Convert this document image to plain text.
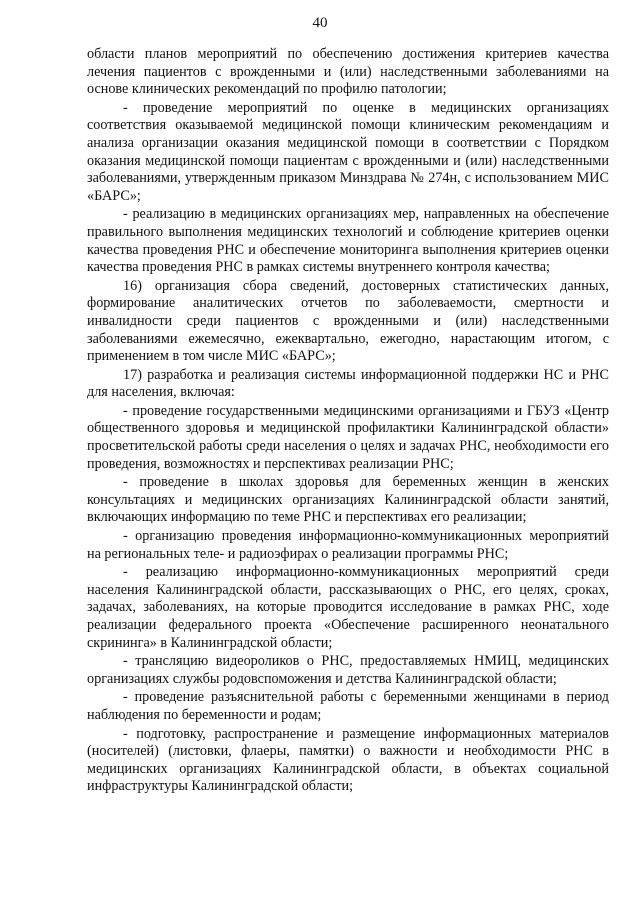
40

области планов мероприятий по обеспечению достижения критериев качества лечения пациентов с врожденными и (или) наследственными заболеваниями на основе клинических рекомендаций по профилю патологии;

- проведение мероприятий по оценке в медицинских организациях соответствия оказываемой медицинской помощи клиническим рекомендациям и анализа организации оказания медицинской помощи в соответствии с Порядком оказания медицинской помощи пациентам с врожденными и (или) наследственными заболеваниями, утвержденным приказом Минздрава № 274н, с использованием МИС «БАРС»;

- реализацию в медицинских организациях мер, направленных на обеспечение правильного выполнения медицинских технологий и соблюдение критериев оценки качества проведения РНС и обеспечение мониторинга выполнения критериев оценки качества проведения РНС в рамках системы внутреннего контроля качества;

16) организация сбора сведений, достоверных статистических данных, формирование аналитических отчетов по заболеваемости, смертности и инвалидности среди пациентов с врожденными и (или) наследственными заболеваниями ежемесячно, ежеквартально, ежегодно, нарастающим итогом, с применением в том числе МИС «БАРС»;

17) разработка и реализация системы информационной поддержки НС и РНС для населения, включая:

- проведение государственными медицинскими организациями и ГБУЗ «Центр общественного здоровья и медицинской профилактики Калининградской области» просветительской работы среди населения о целях и задачах РНС, необходимости его проведения, возможностях и перспективах реализации РНС;

- проведение в школах здоровья для беременных женщин в женских консультациях и медицинских организациях Калининградской области занятий, включающих информацию по теме РНС и перспективах его реализации;

- организацию проведения информационно-коммуникационных мероприятий на региональных теле- и радиоэфирах о реализации программы РНС;

- реализацию информационно-коммуникационных мероприятий среди населения Калининградской области, рассказывающих о РНС, его целях, сроках, задачах, заболеваниях, на которые проводится исследование в рамках РНС, ходе реализации федерального проекта «Обеспечение расширенного неонатального скрининга» в Калининградской области;

- трансляцию видеороликов о РНС, предоставляемых НМИЦ, медицинских организациях службы родовспоможения и детства Калининградской области;

- проведение разъяснительной работы с беременными женщинами в период наблюдения по беременности и родам;

- подготовку, распространение и размещение информационных материалов (носителей) (листовки, флаеры, памятки) о важности и необходимости РНС в медицинских организациях Калининградской области, в объектах социальной инфраструктуры Калининградской области;
